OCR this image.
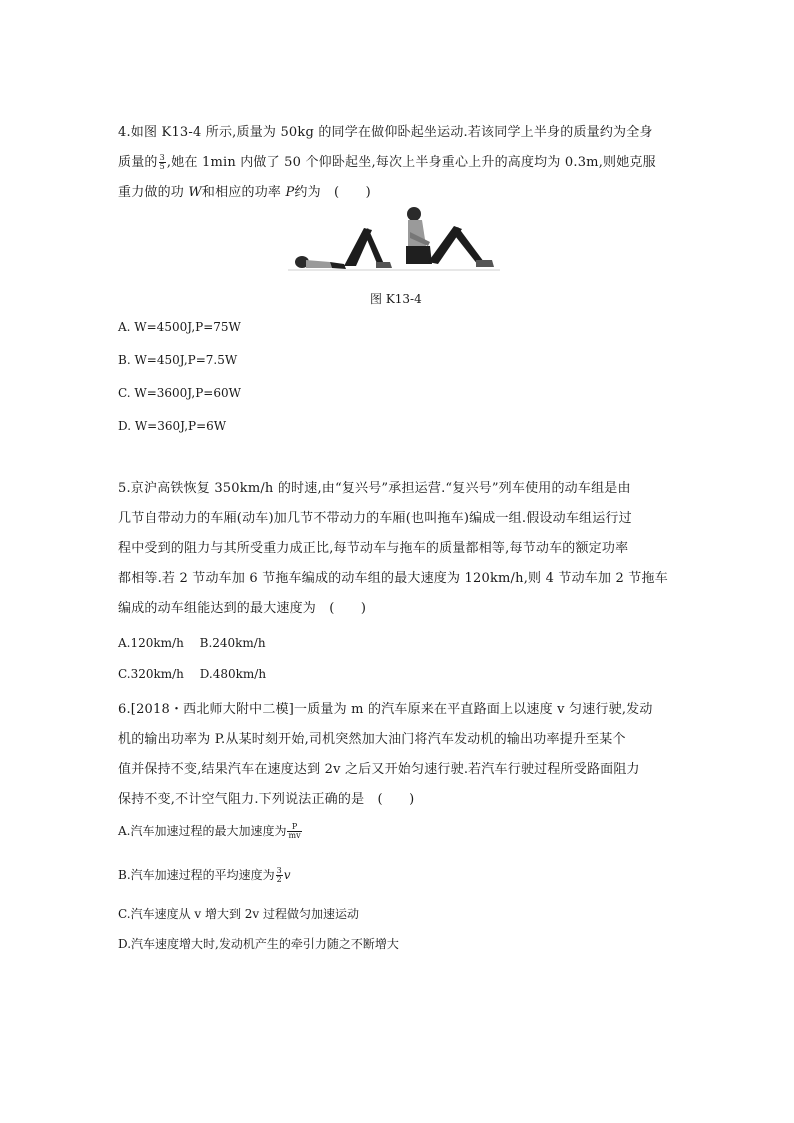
4.如图 K13-4 所示,质量为 50kg 的同学在做仰卧起坐运动.若该同学上半身的质量约为全身
质量的 $\frac{3}{5}$ ,她在 1min 内做了 50 个仰卧起坐,每次上半身重心上升的高度均为 0.3m,则她克服
重力做的功 W和相应的功率 P约为　(　　)
图 K13-4
A. W=4500J,P=75W
B. W=450J,P=7.5W
C. W=3600J,P=60W
D. W=360J,P=6W
5.京沪高铁恢复 350km/h 的时速,由“复兴号”承担运营.“复兴号”列车使用的动车组是由
几节自带动力的车厢(动车)加几节不带动力的车厢(也叫拖车)编成一组.假设动车组运行过
程中受到的阻力与其所受重力成正比,每节动车与拖车的质量都相等,每节动车的额定功率
都相等.若 2 节动车加 6 节拖车编成的动车组的最大速度为 120km/h,则 4 节动车加 2 节拖车
编成的动车组能达到的最大速度为　(　　)
A.120km/h　 B.240km/h
C.320km/h　 D.480km/h
6.[2018・西北师大附中二模]一质量为 m 的汽车原来在平直路面上以速度 v 匀速行驶,发动
机的输出功率为 P.从某时刻开始,司机突然加大油门将汽车发动机的输出功率提升至某个
值并保持不变,结果汽车在速度达到 2v 之后又开始匀速行驶.若汽车行驶过程所受路面阻力
保持不变,不计空气阻力.下列说法正确的是　(　　)
A.汽车加速过程的最大加速度为 $\frac{P}{mv}$
B.汽车加速过程的平均速度为 $\frac{3}{2}$ v
C.汽车速度从 v 增大到 2v 过程做匀加速运动
D.汽车速度增大时,发动机产生的牵引力随之不断增大
